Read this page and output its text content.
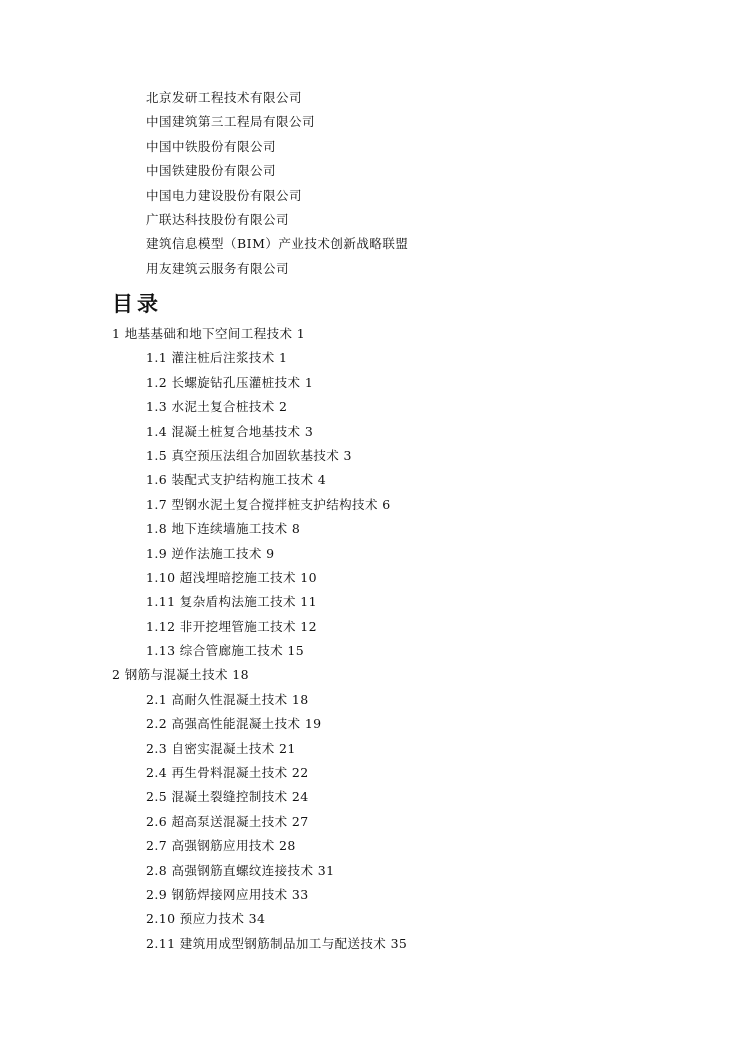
北京发研工程技术有限公司
中国建筑第三工程局有限公司
中国中铁股份有限公司
中国铁建股份有限公司
中国电力建设股份有限公司
广联达科技股份有限公司
建筑信息模型（BIM）产业技术创新战略联盟
用友建筑云服务有限公司
目录
1 地基基础和地下空间工程技术 1
1.1 灌注桩后注浆技术 1
1.2 长螺旋钻孔压灌桩技术 1
1.3 水泥土复合桩技术 2
1.4 混凝土桩复合地基技术 3
1.5 真空预压法组合加固软基技术 3
1.6 装配式支护结构施工技术 4
1.7 型钢水泥土复合搅拌桩支护结构技术 6
1.8 地下连续墙施工技术 8
1.9 逆作法施工技术 9
1.10 超浅埋暗挖施工技术 10
1.11 复杂盾构法施工技术 11
1.12 非开挖埋管施工技术 12
1.13 综合管廊施工技术 15
2 钢筋与混凝土技术 18
2.1 高耐久性混凝土技术 18
2.2 高强高性能混凝土技术 19
2.3 自密实混凝土技术 21
2.4 再生骨料混凝土技术 22
2.5 混凝土裂缝控制技术 24
2.6 超高泵送混凝土技术 27
2.7 高强钢筋应用技术 28
2.8 高强钢筋直螺纹连接技术 31
2.9 钢筋焊接网应用技术 33
2.10 预应力技术 34
2.11 建筑用成型钢筋制品加工与配送技术 35
